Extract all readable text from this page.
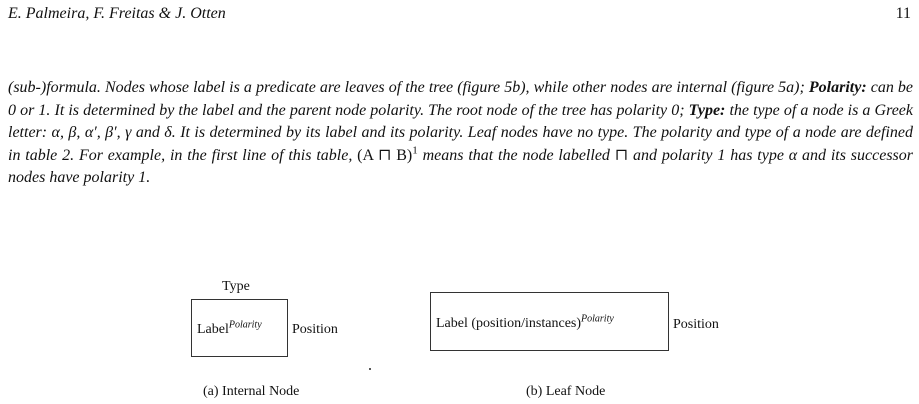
E. Palmeira, F. Freitas & J. Otten	11
(sub-)formula. Nodes whose label is a predicate are leaves of the tree (figure 5b), while other nodes are internal (figure 5a); Polarity: can be 0 or 1. It is determined by the label and the parent node polarity. The root node of the tree has polarity 0; Type: the type of a node is a Greek letter: α, β, α′, β′, γ and δ. It is determined by its label and its polarity. Leaf nodes have no type. The polarity and type of a node are defined in table 2. For example, in the first line of this table, (A ⊓ B)$^1$ means that the node labelled ⊓ and polarity 1 has type α and its successor nodes have polarity 1.
Type
Label$^{Polarity}$ Position
(a) Internal Node
Label (position/instances)$^{Polarity}$	Position
(b) Leaf Node
